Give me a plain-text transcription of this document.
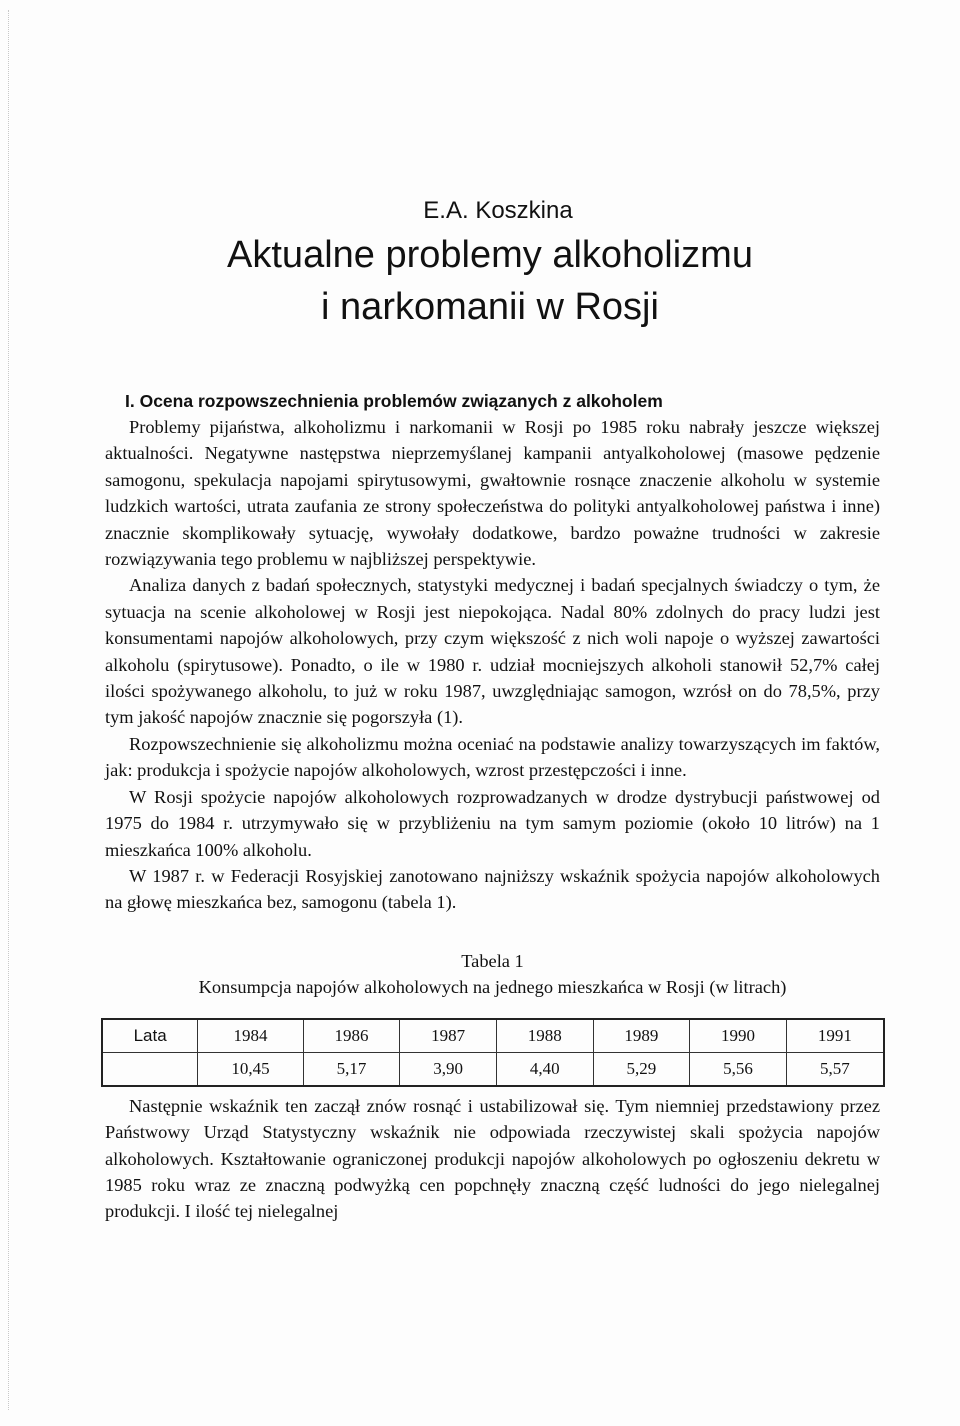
E.A. Koszkina
Aktualne problemy alkoholizmu
i narkomanii w Rosji
I. Ocena rozpowszechnienia problemów związanych z alkoholem

Problemy pijaństwa, alkoholizmu i narkomanii w Rosji po 1985 roku nabrały jeszcze większej aktualności. Negatywne następstwa nieprzemyślanej kampanii antyalkoholowej (masowe pędzenie samogonu, spekulacja napojami spirytusowymi, gwałtownie rosnące znaczenie alkoholu w systemie ludzkich wartości, utrata zaufania ze strony społeczeństwa do polityki antyalkoholowej państwa i inne) znacznie skomplikowały sytuację, wywołały dodatkowe, bardzo poważne trudności w zakresie rozwiązywania tego problemu w najbliższej perspektywie.

Analiza danych z badań społecznych, statystyki medycznej i badań specjalnych świadczy o tym, że sytuacja na scenie alkoholowej w Rosji jest niepokojąca. Nadal 80% zdolnych do pracy ludzi jest konsumentami napojów alkoholowych, przy czym większość z nich woli napoje o wyższej zawartości alkoholu (spirytusowe). Ponadto, o ile w 1980 r. udział mocniejszych alkoholi stanowił 52,7% całej ilości spożywanego alkoholu, to już w roku 1987, uwzględniając samogon, wzrósł on do 78,5%, przy tym jakość napojów znacznie się pogorszyła (1).

Rozpowszechnienie się alkoholizmu można oceniać na podstawie analizy towarzyszących im faktów, jak: produkcja i spożycie napojów alkoholowych, wzrost przestępczości i inne.

W Rosji spożycie napojów alkoholowych rozprowadzanych w drodze dystrybucji państwowej od 1975 do 1984 r. utrzymywało się w przybliżeniu na tym samym poziomie (około 10 litrów) na 1 mieszkańca 100% alkoholu.

W 1987 r. w Federacji Rosyjskiej zanotowano najniższy wskaźnik spożycia napojów alkoholowych na głowę mieszkańca bez, samogonu (tabela 1).

Tabela 1
Konsumpcja napojów alkoholowych na jednego mieszkańca w Rosji (w litrach)
Lata	1984	1986	1987	1988	1989	1990	1991
	10,45	5,17	3,90	4,40	5,29	5,56	5,57

Następnie wskaźnik ten zaczął znów rosnąć i ustabilizował się. Tym niemniej przedstawiony przez Państwowy Urząd Statystyczny wskaźnik nie odpowiada rzeczywistej skali spożycia napojów alkoholowych. Kształtowanie ograniczonej produkcji napojów alkoholowych po ogłoszeniu dekretu w 1985 roku wraz ze znaczną podwyżką cen popchnęły znaczną część ludności do jego nielegalnej produkcji. I ilość tej nielegalnej
